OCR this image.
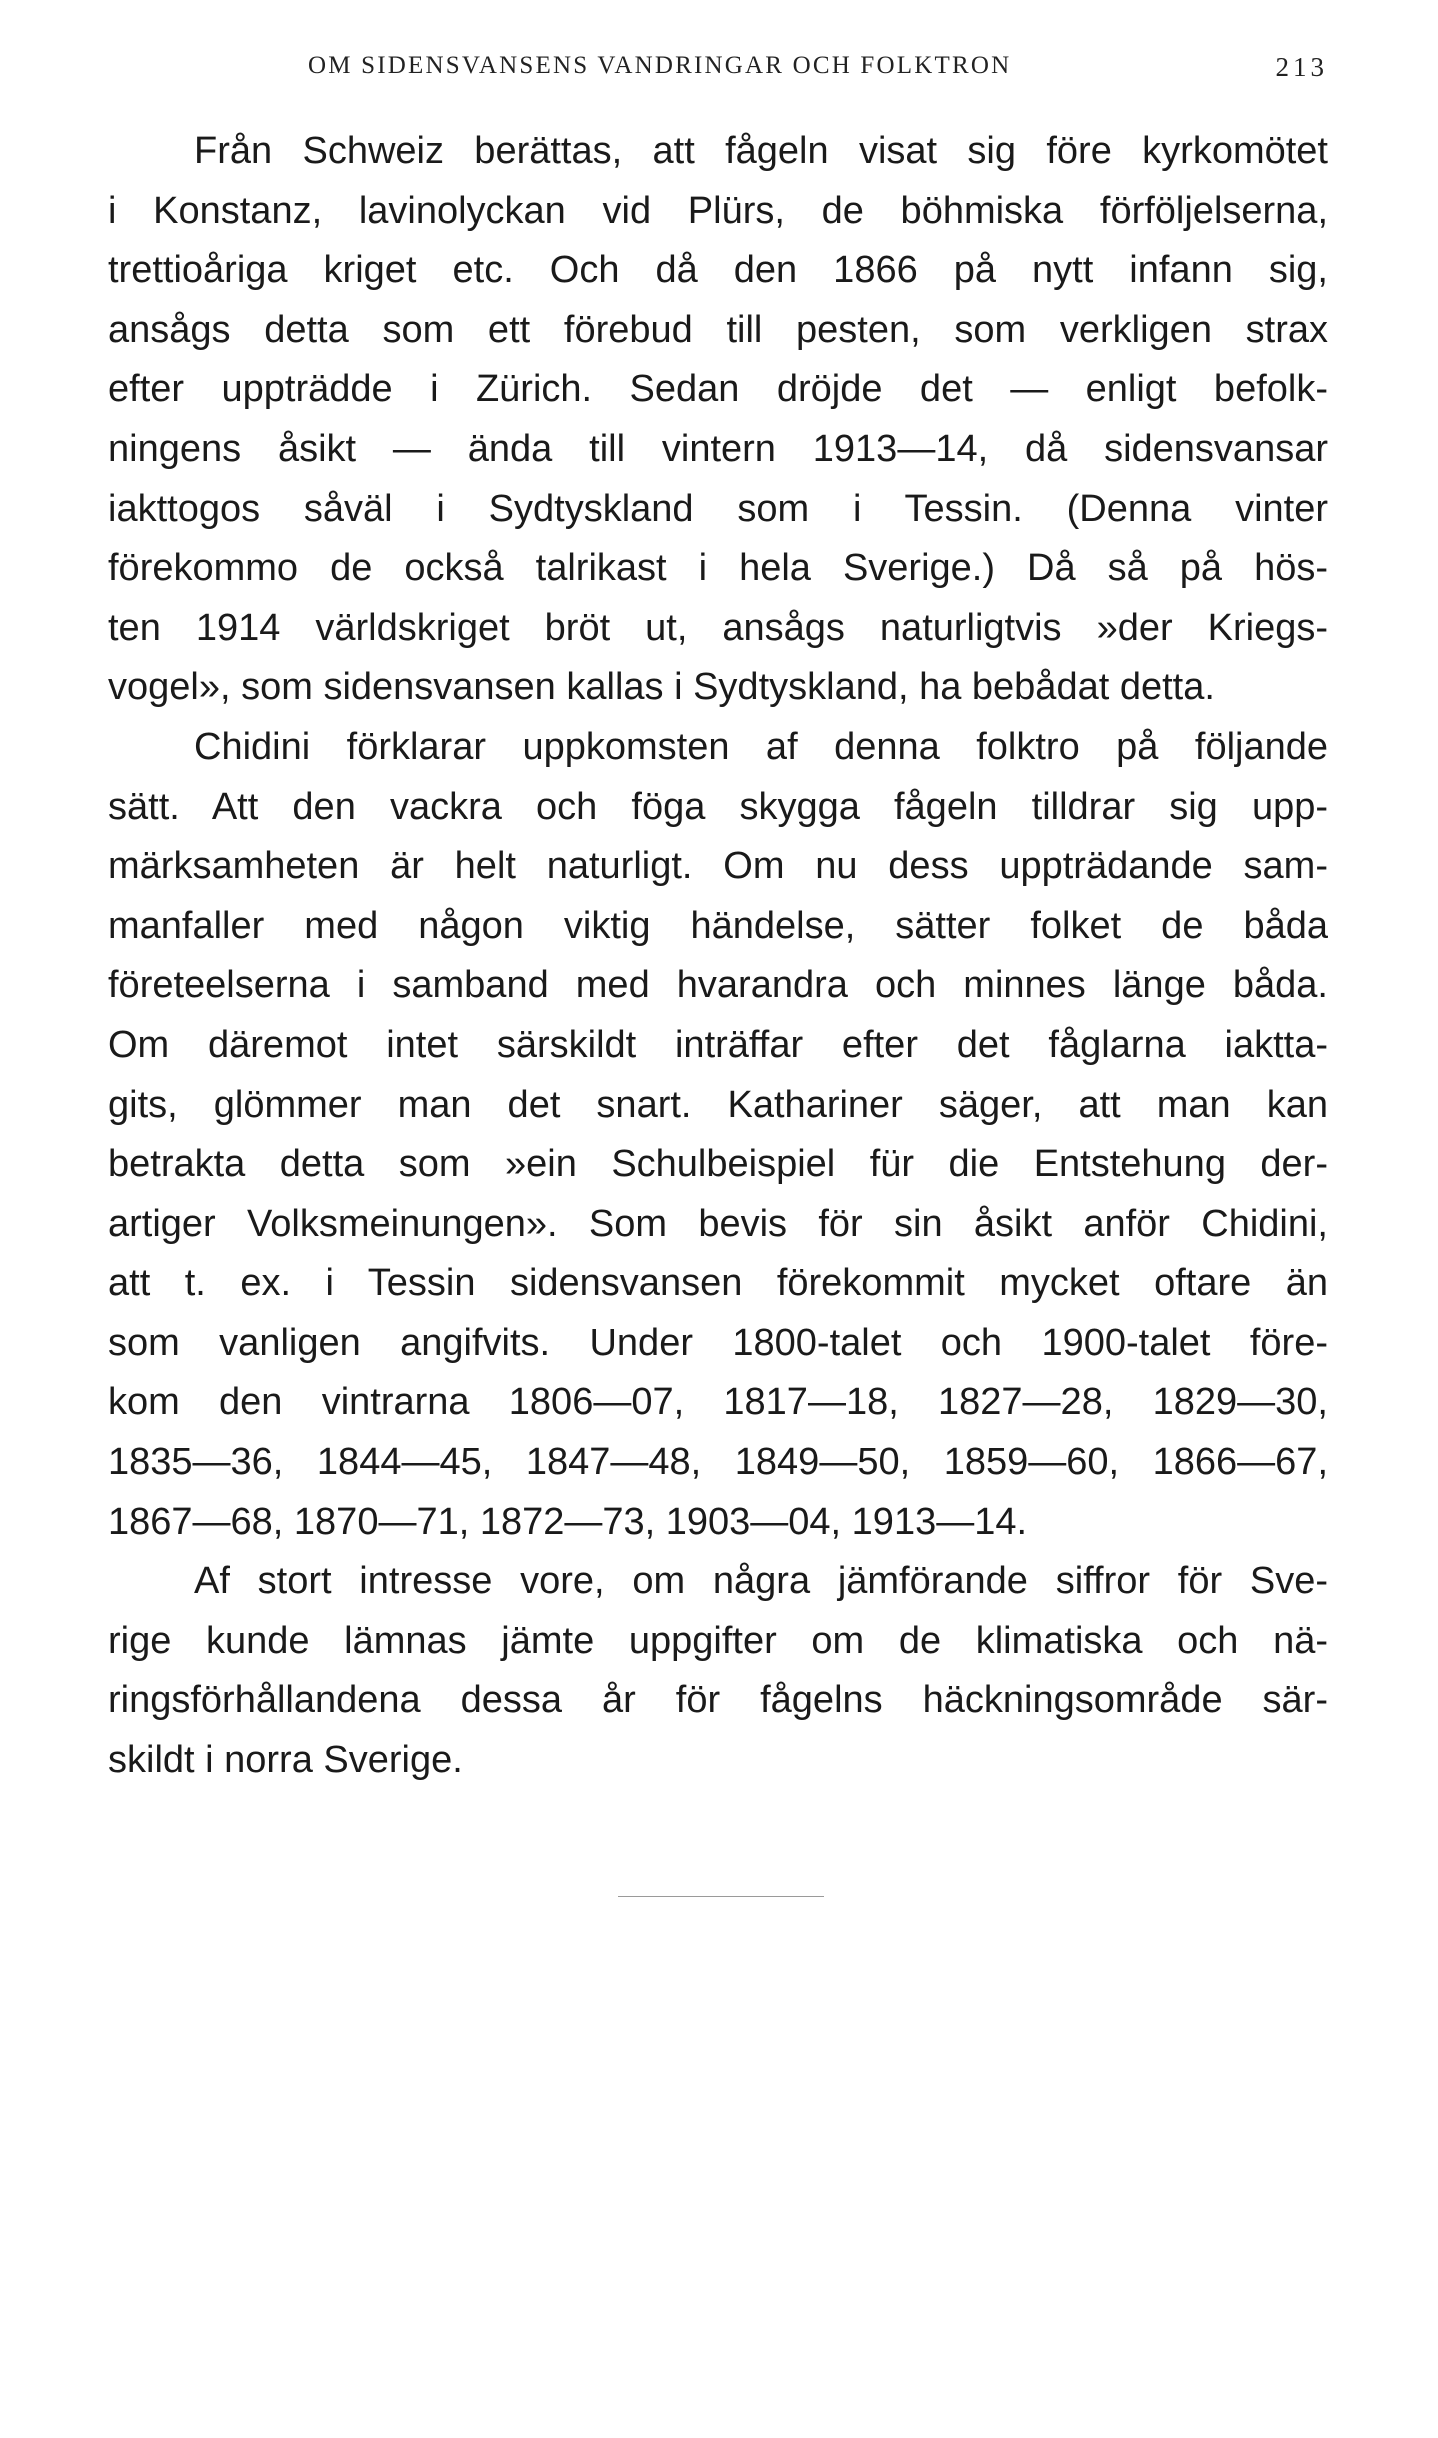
OM SIDENSVANSENS VANDRINGAR OCH FOLKTRON	213
Från Schweiz berättas, att fågeln visat sig före kyrkomötet
i Konstanz, lavinolyckan vid Plürs, de böhmiska förföljelserna,
trettioåriga kriget etc. Och då den 1866 på nytt infann sig,
ansågs detta som ett förebud till pesten, som verkligen strax
efter uppträdde i Zürich. Sedan dröjde det — enligt befolk-
ningens åsikt — ända till vintern 1913—14, då sidensvansar
iakttogos såväl i Sydtyskland som i Tessin. (Denna vinter
förekommo de också talrikast i hela Sverige.) Då så på hös-
ten 1914 världskriget bröt ut, ansågs naturligtvis »der Kriegs-
vogel», som sidensvansen kallas i Sydtyskland, ha bebådat detta.
Chidini förklarar uppkomsten af denna folktro på följande
sätt. Att den vackra och föga skygga fågeln tilldrar sig upp-
märksamheten är helt naturligt. Om nu dess uppträdande sam-
manfaller med någon viktig händelse, sätter folket de båda
företeelserna i samband med hvarandra och minnes länge båda.
Om däremot intet särskildt inträffar efter det fåglarna iaktta-
gits, glömmer man det snart. Kathariner säger, att man kan
betrakta detta som »ein Schulbeispiel für die Entstehung der-
artiger Volksmeinungen». Som bevis för sin åsikt anför Chidini,
att t. ex. i Tessin sidensvansen förekommit mycket oftare än
som vanligen angifvits. Under 1800-talet och 1900-talet före-
kom den vintrarna 1806—07, 1817—18, 1827—28, 1829—30,
1835—36, 1844—45, 1847—48, 1849—50, 1859—60, 1866—67,
1867—68, 1870—71, 1872—73, 1903—04, 1913—14.
Af stort intresse vore, om några jämförande siffror för Sve-
rige kunde lämnas jämte uppgifter om de klimatiska och nä-
ringsförhållandena dessa år för fågelns häckningsområde sär-
skildt i norra Sverige.
